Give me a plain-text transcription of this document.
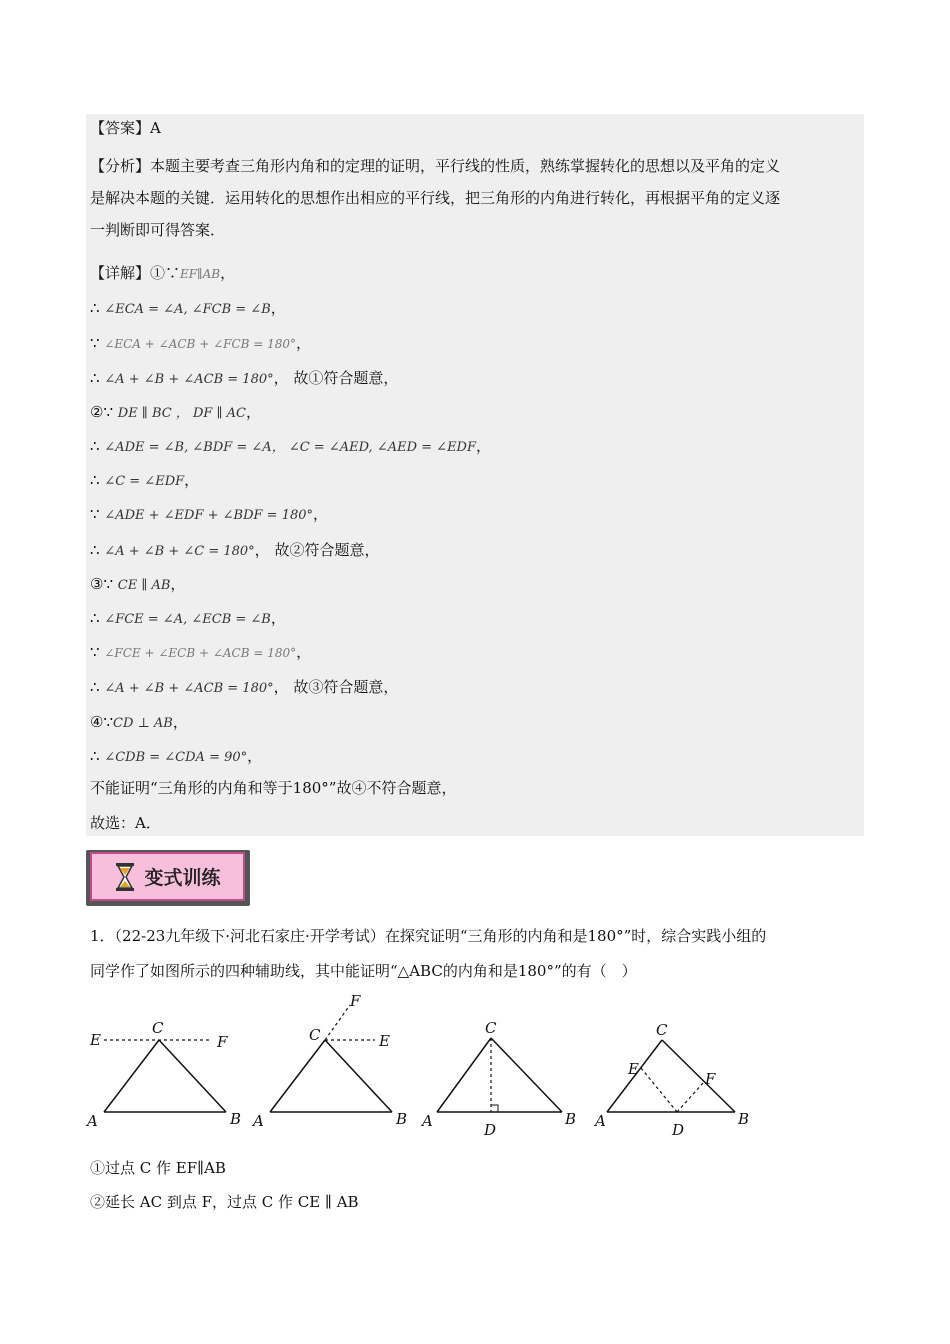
【答案】A
【分析】本题主要考查三角形内角和的定理的证明，平行线的性质，熟练掌握转化的思想以及平角的定义
是解决本题的关键．运用转化的思想作出相应的平行线，把三角形的内角进行转化，再根据平角的定义逐
一判断即可得答案．
【详解】①∵EF∥AB，
∴ ∠ECA = ∠A, ∠FCB = ∠B，
∵ ∠ECA + ∠ACB + ∠FCB = 180°，
∴ ∠A + ∠B + ∠ACB = 180°， 故①符合题意，
②∵ DE ∥ BC ， DF ∥ AC，
∴ ∠ADE = ∠B, ∠BDF = ∠A， ∠C = ∠AED, ∠AED = ∠EDF，
∴ ∠C = ∠EDF，
∵ ∠ADE + ∠EDF + ∠BDF = 180°，
∴ ∠A + ∠B + ∠C = 180°， 故②符合题意，
③∵ CE ∥ AB，
∴ ∠FCE = ∠A, ∠ECB = ∠B，
∵ ∠FCE + ∠ECB + ∠ACB = 180°，
∴ ∠A + ∠B + ∠ACB = 180°， 故③符合题意，
④∵CD ⊥ AB，
∴ ∠CDB = ∠CDA = 90°，
不能证明“三角形的内角和等于180°”故④不符合题意，
故选：A．
变式训练
1．（22-23九年级下·河北石家庄·开学考试）在探究证明“三角形的内角和是180°”时，综合实践小组的
同学作了如图所示的四种辅助线，其中能证明“△ABC的内角和是180°”的有（　）
A	B
C
E	F
A	B
C	E
F
A	B
C
D	A	B
C
D
E
F
①过点 C 作 EF∥AB
②延长 AC 到点 F，过点 C 作 CE ∥ AB
